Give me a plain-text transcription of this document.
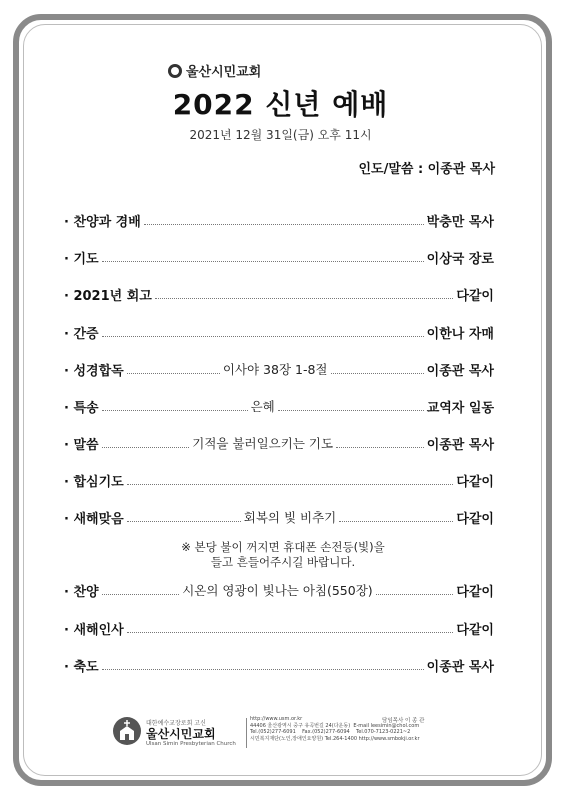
울산시민교회
2022 신년 예배
2021년 12월 31일(금) 오후 11시
인도/말씀 : 이종관 목사
· 찬양과 경배	박충만 목사
· 기도	이상국 장로
· 2021년 회고	다같이
· 간증	이한나 자매
· 성경합독	이사야 38장 1-8절	이종관 목사
· 특송	은혜	교역자 일동
· 말씀	기적을 불러일으키는 기도	이종관 목사
· 합심기도	다같이
· 새해맞음	회복의 빛 비추기	다같이
· 찬양	시온의 영광이 빛나는 아침(550장)	다같이
· 새해인사	다같이
· 축도	이종관 목사
※ 본당 불이 꺼지면 휴대폰 손전등(빛)을
들고 흔들어주시길 바랍니다.
대한예수교장로회 고신
울산시민교회
Ulsan Simin Presbyterian Church
http://www.usm.or.kr
44406 울산광역시 중구 유곡번길 24(다운동)  E-mail leesimin@chol.com
Tel.(052)277-6091    Fax.(052)277-6094    Tel.070-7123-0221~2
시민복지재단(노인,장애인요양원) Tel.264-1400 http://www.smbokji.or.kr
담임목사 이 종 관
